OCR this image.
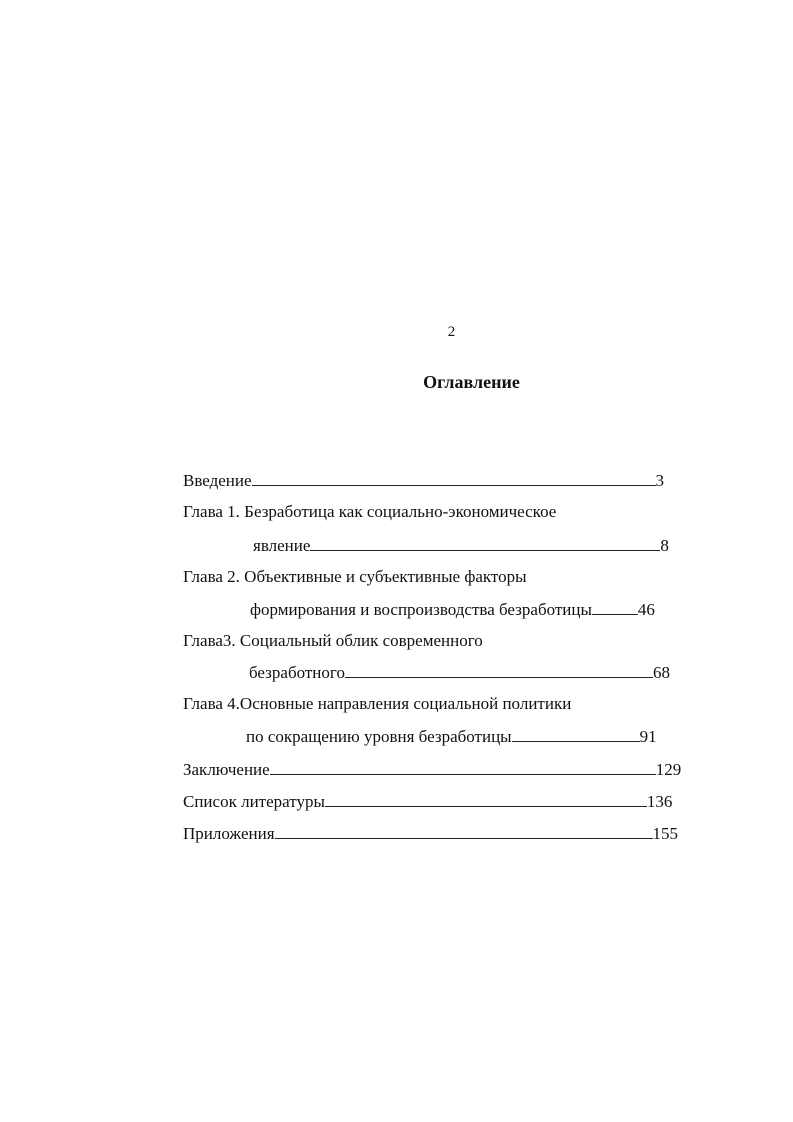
2
Оглавление
Введение	3
Глава 1. Безработица как социально-экономическое
явление	8
Глава 2. Объективные и субъективные факторы
формирования и воспроизводства безработицы	46
Глава3. Социальный облик современного
безработного	68
Глава 4.Основные направления социальной политики
по сокращению уровня безработицы	91
Заключение	129
Список литературы	136
Приложения	155
